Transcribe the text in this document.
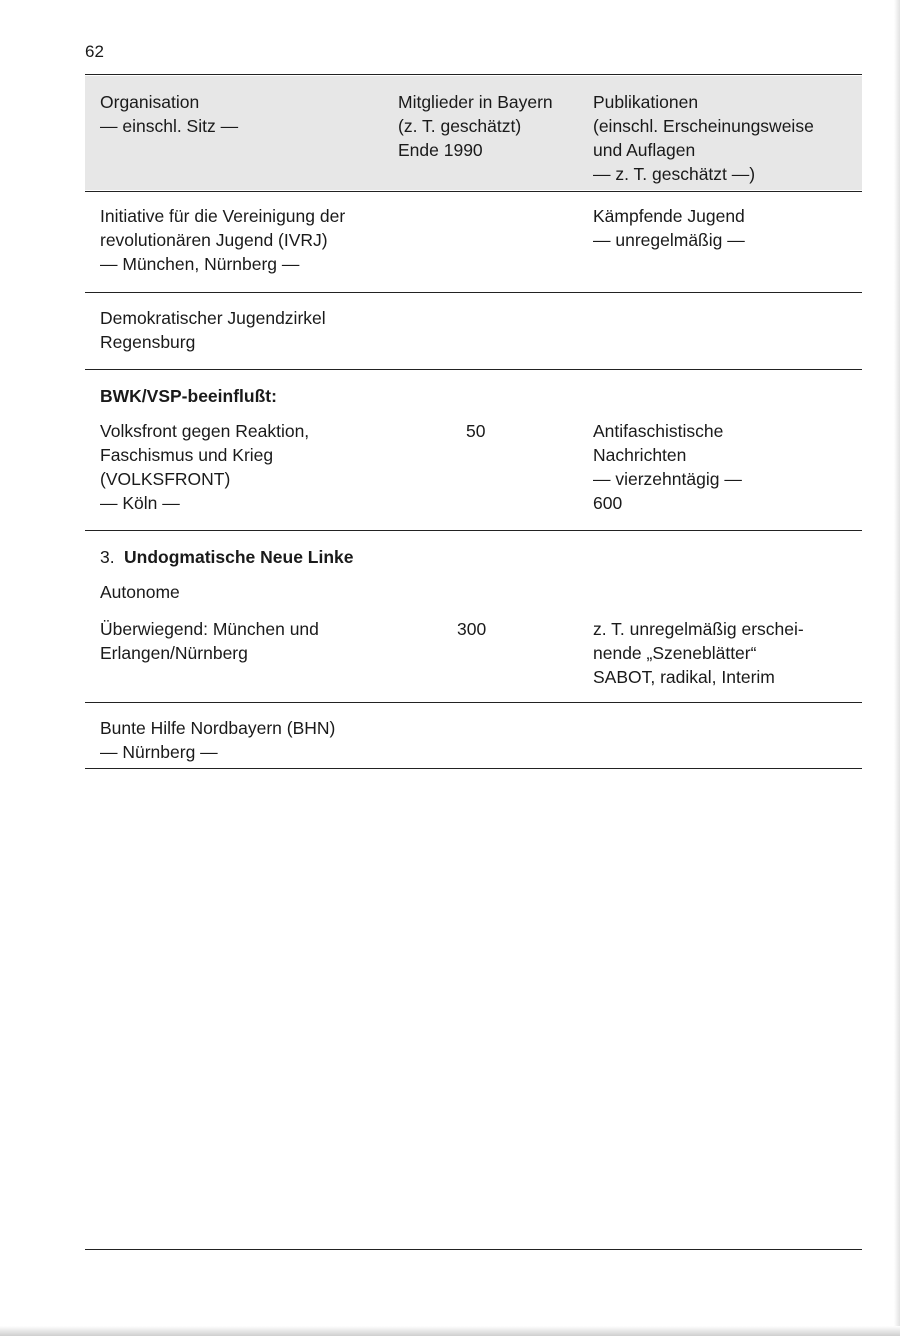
62
Organisation
— einschl. Sitz —
Mitglieder in Bayern
(z. T. geschätzt)
Ende 1990
Publikationen
(einschl. Erscheinungsweise
und Auflagen
— z. T. geschätzt —)
Initiative für die Vereinigung der
revolutionären Jugend (IVRJ)
— München, Nürnberg —
Kämpfende Jugend
— unregelmäßig —
Demokratischer Jugendzirkel
Regensburg
BWK/VSP-beeinflußt:
Volksfront gegen Reaktion,
Faschismus und Krieg
(VOLKSFRONT)
— Köln —
50	Antifaschistische
Nachrichten
— vierzehntägig —
600
3. Undogmatische Neue Linke
Autonome
Überwiegend: München und
Erlangen/Nürnberg
300	z. T. unregelmäßig erschei-
nende „Szeneblätter“
SABOT, radikal, Interim
Bunte Hilfe Nordbayern (BHN)
— Nürnberg —
